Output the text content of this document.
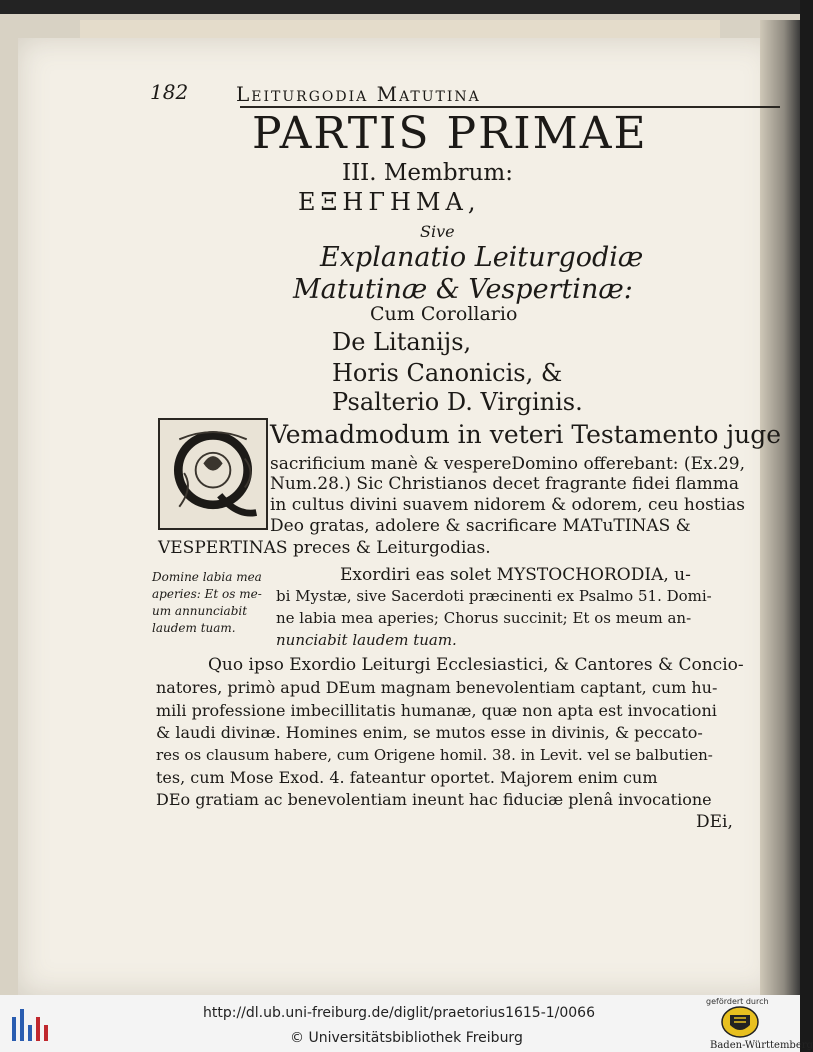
182 Leiturgodia Matutina
PARTIS PRIMAE
III. Membrum:
ΕΞΗΓΗΜΑ,
Sive
Explanatio Leiturgodiæ
Matutinæ & Vespertinæ:
Cum Corollario
De Litanijs,
Horis Canonicis, &
Psalterio D. Virginis.
Vemadmodum in veteri Testamento juge
sacrificium manè & vespereDomino offerebant: (Ex.29,
Num.28.) Sic Christianos decet fragrante fidei flamma
in cultus divini suavem nidorem & odorem, ceu hostias
Deo gratas, adolere & sacrificare MATuTINAS &
VESPERTINAS preces & Leiturgodias.
Domine labia mea
aperies: Et os me-
um annunciabit
laudem tuam.
Exordiri eas solet MYSTOCHORODIA, u-
bi Mystæ, sive Sacerdoti præcinenti ex Psalmo 51. Domi-
ne labia mea aperies; Chorus succinit; Et os meum an-
nunciabit laudem tuam.
Quo ipso Exordio Leiturgi Ecclesiastici, & Cantores & Concio-
natores, primò apud DEum magnam benevolentiam captant, cum hu-
mili professione imbecillitatis humanæ, quæ non apta est invocationi
& laudi divinæ. Homines enim, se mutos esse in divinis, & peccato-
res os clausum habere, cum Origene homil. 38. in Levit. vel se balbutien-
tes, cum Mose Exod. 4. fateantur oportet. Majorem enim cum
DEo gratiam ac benevolentiam ineunt hac fiduciæ plenâ invocatione
DEi,
http://dl.ub.uni-freiburg.de/diglit/praetorius1615-1/0066
© Universitätsbibliothek Freiburg
gefördert durch
Baden-Württemberg
